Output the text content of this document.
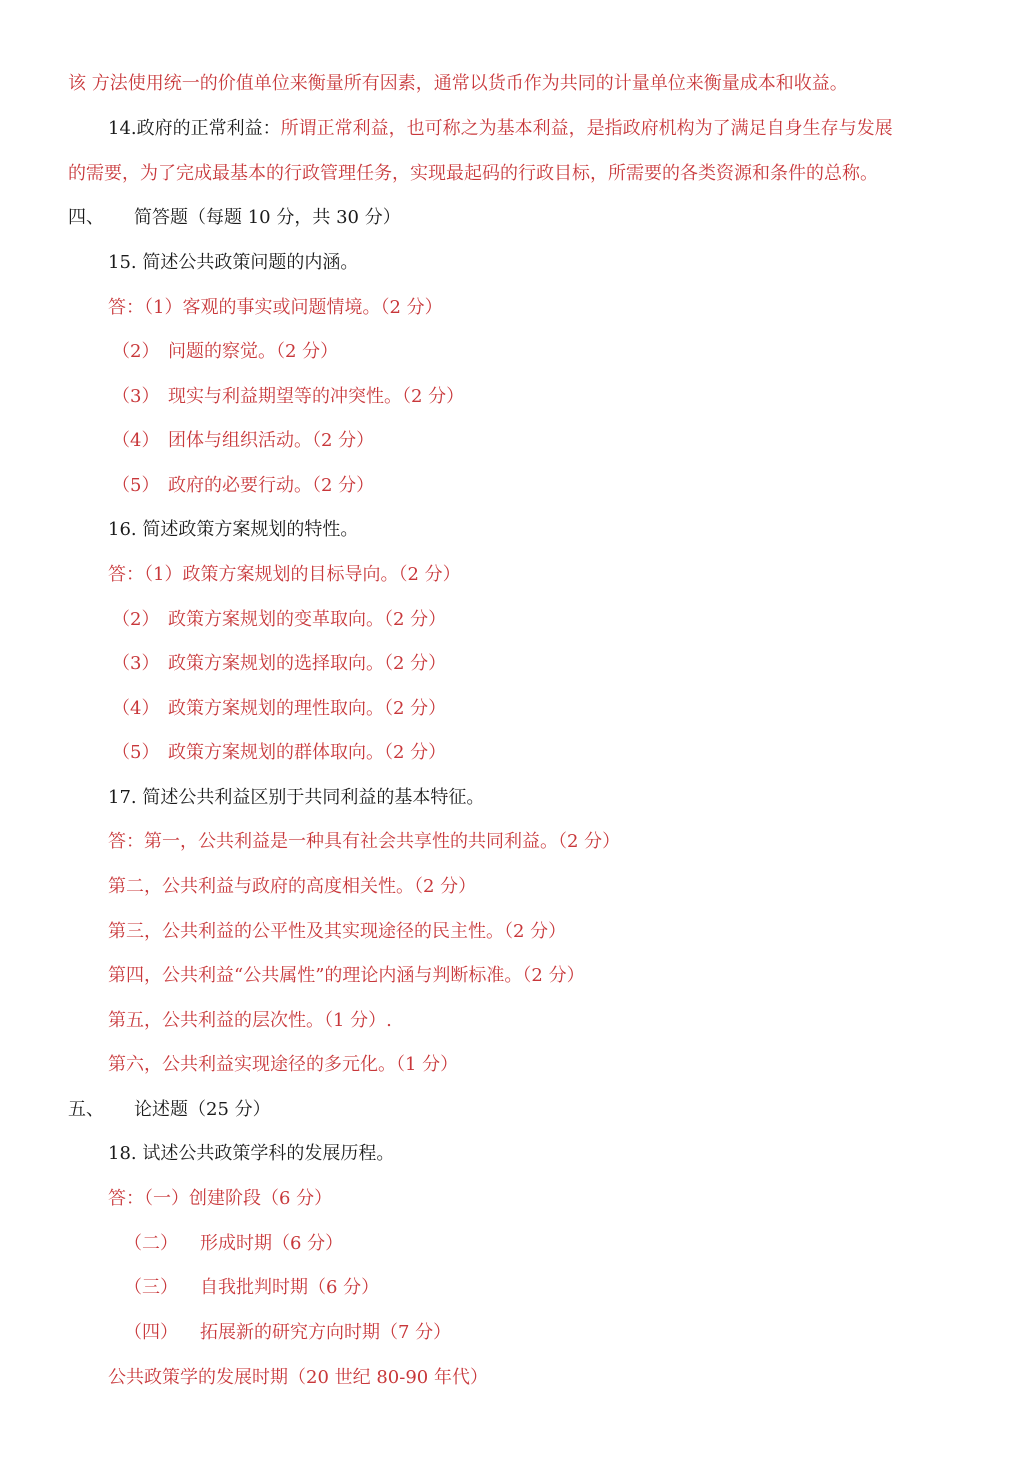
该 方法使用统一的价值单位来衡量所有因素，通常以货币作为共同的计量单位来衡量成本和收益。
14.政府的正常利益：所谓正常利益，也可称之为基本利益，是指政府机构为了满足自身生存与发展
的需要，为了完成最基本的行政管理任务，实现最起码的行政目标，所需要的各类资源和条件的总称。
四、 简答题（每题 10 分，共 30 分）
15. 简述公共政策问题的内涵。
答：（1）客观的事实或问题情境。（2 分）
（2） 问题的察觉。（2 分）
（3） 现实与利益期望等的冲突性。（2 分）
（4） 团体与组织活动。（2 分）
（5） 政府的必要行动。（2 分）
16. 简述政策方案规划的特性。
答：（1）政策方案规划的目标导向。（2 分）
（2） 政策方案规划的变革取向。（2 分）
（3） 政策方案规划的选择取向。（2 分）
（4） 政策方案规划的理性取向。（2 分）
（5） 政策方案规划的群体取向。（2 分）
17. 简述公共利益区别于共同利益的基本特征。
答：第一，公共利益是一种具有社会共享性的共同利益。（2 分）
第二，公共利益与政府的高度相关性。（2 分）
第三，公共利益的公平性及其实现途径的民主性。（2 分）
第四，公共利益“公共属性”的理论内涵与判断标准。（2 分）
第五，公共利益的层次性。（1 分）.
第六，公共利益实现途径的多元化。（1 分）
五、 论述题（25 分）
18. 试述公共政策学科的发展历程。
答：（一）创建阶段（6 分）
（二） 形成时期（6 分）
（三） 自我批判时期（6 分）
（四） 拓展新的研究方向时期（7 分）
公共政策学的发展时期（20 世纪 80-90 年代）
